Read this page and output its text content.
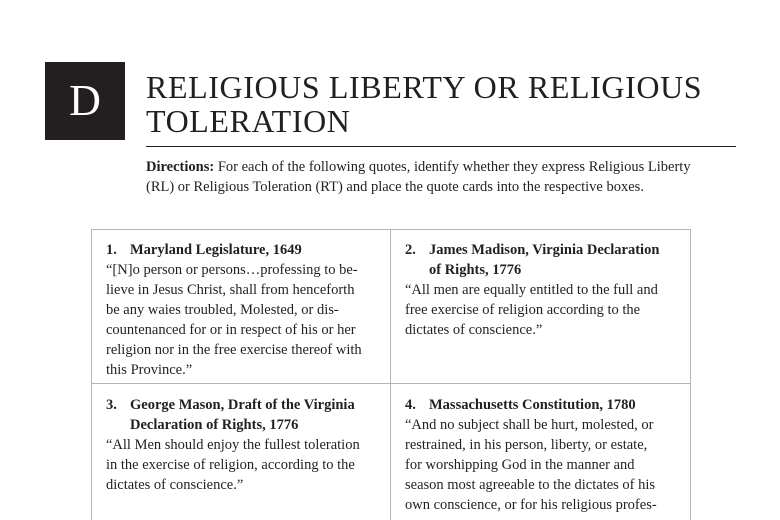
D RELIGIOUS LIBERTY OR RELIGIOUS
TOLERATION

Directions: For each of the following quotes, identify whether they express Religious Liberty
(RL) or Religious Toleration (RT) and place the quote cards into the respective boxes.

1. Maryland Legislature, 1649

“[N]o person or persons…professing to be-
lieve in Jesus Christ, shall from henceforth
be any waies troubled, Molested, or dis-
countenanced for or in respect of his or her
religion nor in the free exercise thereof with
this Province.”

2. James Madison, Virginia Declaration
of Rights, 1776

“All men are equally entitled to the full and
free exercise of religion according to the
dictates of conscience.”

3. George Mason, Draft of the Virginia
Declaration of Rights, 1776

“All Men should enjoy the fullest toleration
in the exercise of religion, according to the
dictates of conscience.”

4. Massachusetts Constitution, 1780

“And no subject shall be hurt, molested, or
restrained, in his person, liberty, or estate,
for worshipping God in the manner and
season most agreeable to the dictates of his
own conscience, or for his religious profes-
